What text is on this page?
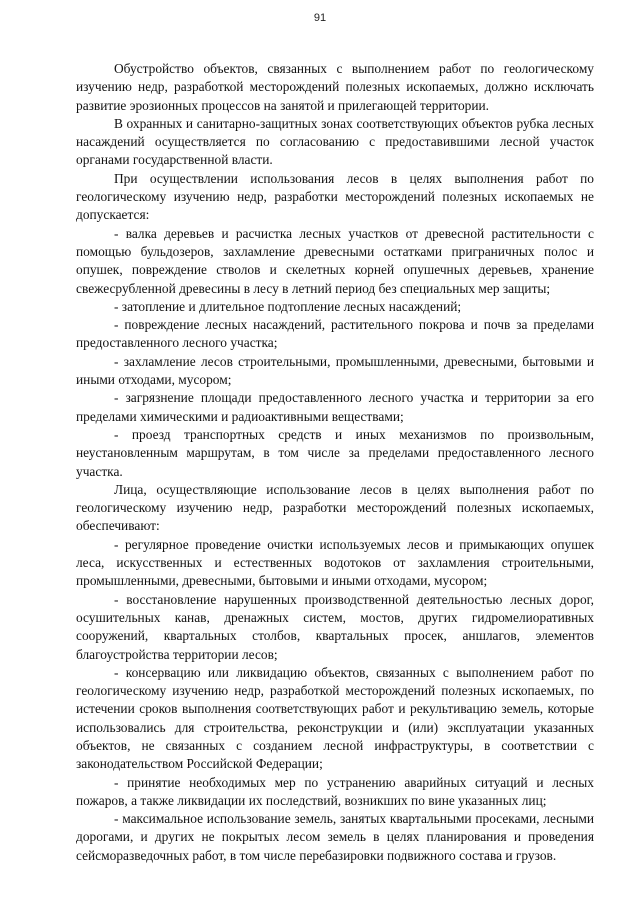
91

Обустройство объектов, связанных с выполнением работ по геологическому изучению недр, разработкой месторождений полезных ископаемых, должно исключать развитие эрозионных процессов на занятой и прилегающей территории.

В охранных и санитарно-защитных зонах соответствующих объектов рубка лесных насаждений осуществляется по согласованию с предоставившими лесной участок органами государственной власти.

При осуществлении использования лесов в целях выполнения работ по геологическому изучению недр, разработки месторождений полезных ископаемых не допускается:

- валка деревьев и расчистка лесных участков от древесной растительности с помощью бульдозеров, захламление древесными остатками приграничных полос и опушек, повреждение стволов и скелетных корней опушечных деревьев, хранение свежесрубленной древесины в лесу в летний период без специальных мер защиты;

- затопление и длительное подтопление лесных насаждений;

- повреждение лесных насаждений, растительного покрова и почв за пределами предоставленного лесного участка;

- захламление лесов строительными, промышленными, древесными, бытовыми и иными отходами, мусором;

- загрязнение площади предоставленного лесного участка и территории за его пределами химическими и радиоактивными веществами;

- проезд транспортных средств и иных механизмов по произвольным, неустановленным маршрутам, в том числе за пределами предоставленного лесного участка.

Лица, осуществляющие использование лесов в целях выполнения работ по геологическому изучению недр, разработки месторождений полезных ископаемых, обеспечивают:

- регулярное проведение очистки используемых лесов и примыкающих опушек леса, искусственных и естественных водотоков от захламления строительными, промышленными, древесными, бытовыми и иными отходами, мусором;

- восстановление нарушенных производственной деятельностью лесных дорог, осушительных канав, дренажных систем, мостов, других гидромелиоративных сооружений, квартальных столбов, квартальных просек, аншлагов, элементов благоустройства территории лесов;

- консервацию или ликвидацию объектов, связанных с выполнением работ по геологическому изучению недр, разработкой месторождений полезных ископаемых, по истечении сроков выполнения соответствующих работ и рекультивацию земель, которые использовались для строительства, реконструкции и (или) эксплуатации указанных объектов, не связанных с созданием лесной инфраструктуры, в соответствии с законодательством Российской Федерации;

- принятие необходимых мер по устранению аварийных ситуаций и лесных пожаров, а также ликвидации их последствий, возникших по вине указанных лиц;

- максимальное использование земель, занятых квартальными просеками, лесными дорогами, и других не покрытых лесом земель в целях планирования и проведения сейсморазведочных работ, в том числе перебазировки подвижного состава и грузов.
